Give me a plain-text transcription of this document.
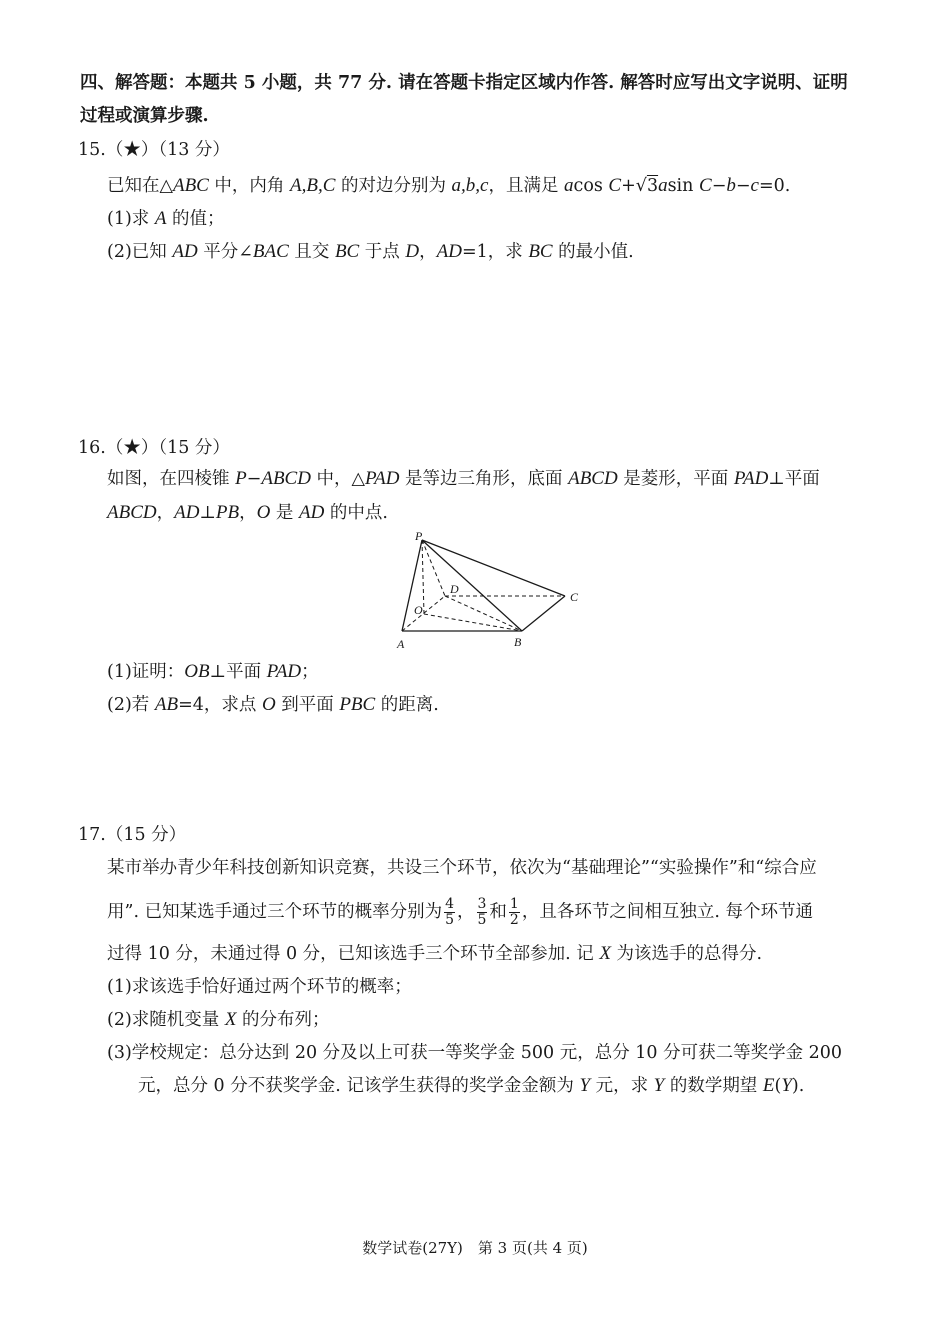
四、解答题：本题共 5 小题，共 77 分. 请在答题卡指定区域内作答. 解答时应写出文字说明、证明
过程或演算步骤.
15.（★）（13 分）
已知在△ABC 中，内角 A,B,C 的对边分别为 a,b,c，且满足 acos C+√3asin C−b−c=0.
(1)求 A 的值；
(2)已知 AD 平分∠BAC 且交 BC 于点 D，AD=1，求 BC 的最小值.
16.（★）（15 分）
如图，在四棱锥 P−ABCD 中，△PAD 是等边三角形，底面 ABCD 是菱形，平面 PAD⊥平面
ABCD，AD⊥PB，O 是 AD 的中点.
P
D
C
O
A	B
(1)证明：OB⊥平面 PAD；
(2)若 AB=4，求点 O 到平面 PBC 的距离.
17.（15 分）
某市举办青少年科技创新知识竞赛，共设三个环节，依次为“基础理论”“实验操作”和“综合应
用”. 已知某选手通过三个环节的概率分别为 $\frac{4}{5}$ ， $\frac{3}{5}$ 和 $\frac{1}{2}$ ，且各环节之间相互独立. 每个环节通
过得 10 分，未通过得 0 分，已知该选手三个环节全部参加. 记 X 为该选手的总得分.
(1)求该选手恰好通过两个环节的概率；
(2)求随机变量 X 的分布列；
(3)学校规定：总分达到 20 分及以上可获一等奖学金 500 元，总分 10 分可获二等奖学金 200
元，总分 0 分不获奖学金. 记该学生获得的奖学金金额为 Y 元，求 Y 的数学期望 E(Y).
数学试卷(27Y)　第 3 页(共 4 页)
